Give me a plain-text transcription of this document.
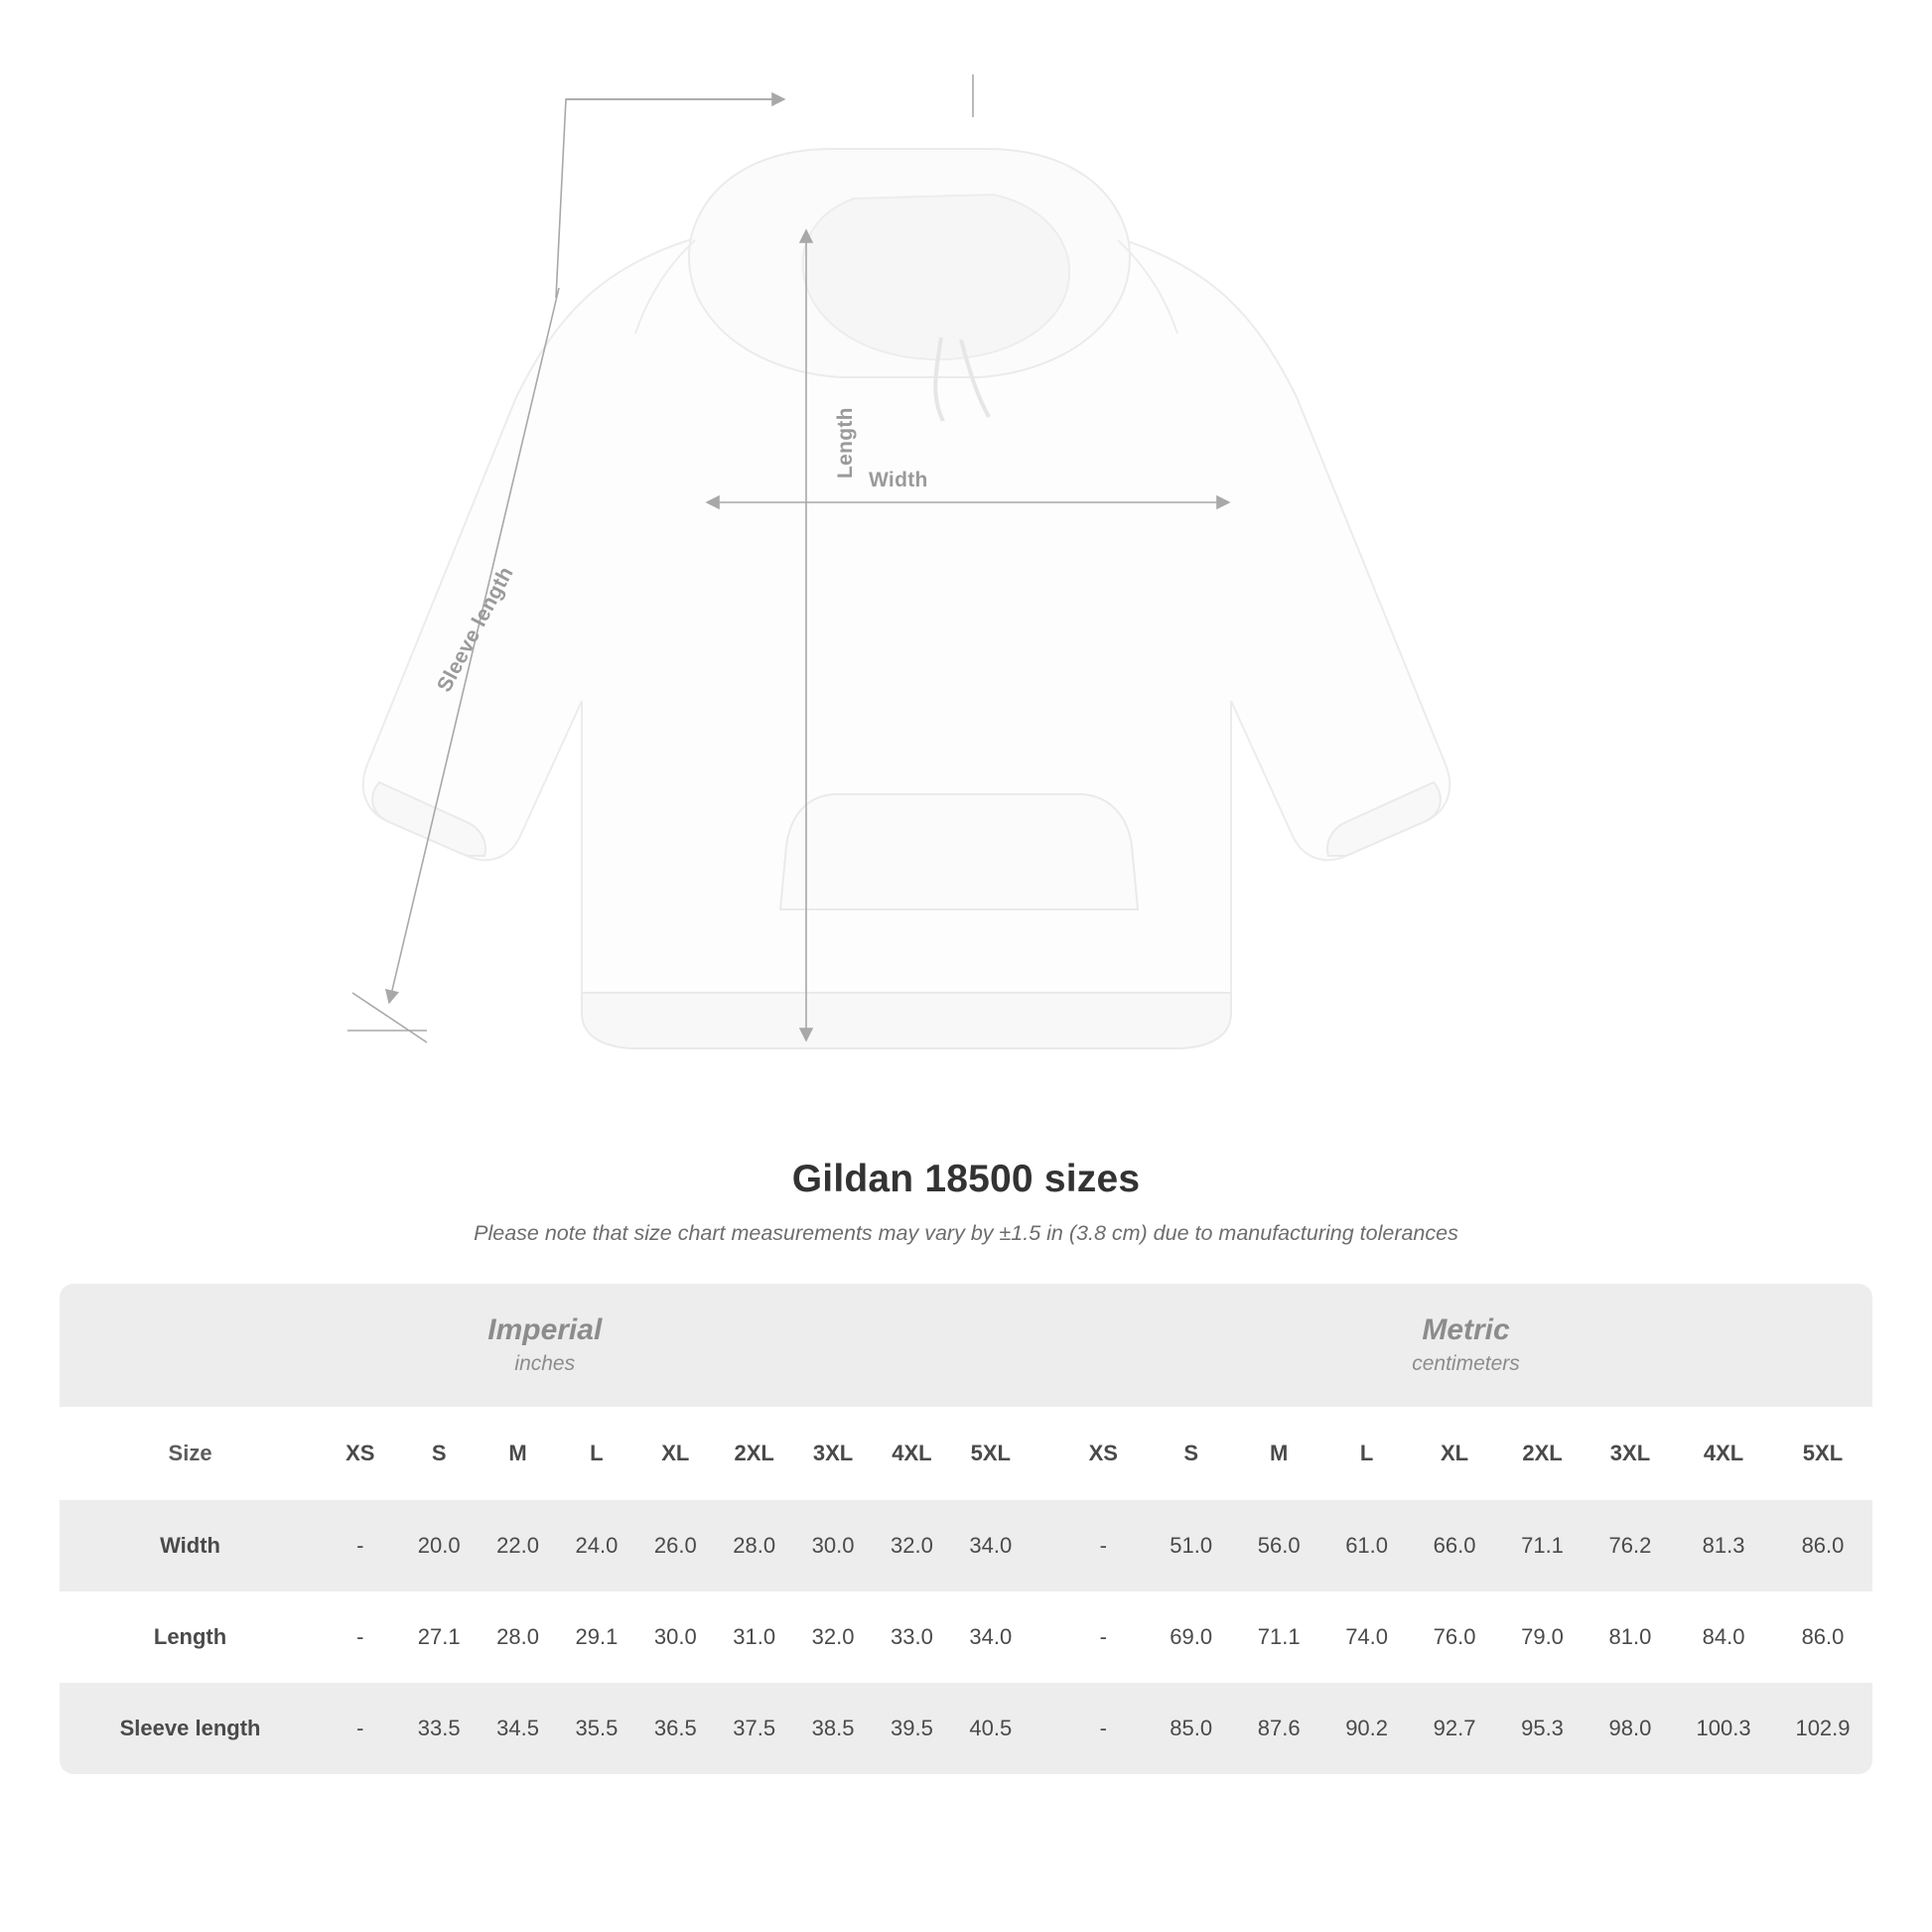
Length
Width
Sleeve length
Gildan 18500 sizes
Please note that size chart measurements may vary by ±1.5 in (3.8 cm) due to manufacturing tolerances
Imperial
inches

Metric
centimeters

Size	XS	S	M	L	XL	2XL	3XL	4XL	5XL		XS	S	M	L	XL	2XL	3XL	4XL	5XL
Width	-	20.0	22.0	24.0	26.0	28.0	30.0	32.0	34.0		-	51.0	56.0	61.0	66.0	71.1	76.2	81.3	86.0
Length	-	27.1	28.0	29.1	30.0	31.0	32.0	33.0	34.0		-	69.0	71.1	74.0	76.0	79.0	81.0	84.0	86.0
Sleeve length	-	33.5	34.5	35.5	36.5	37.5	38.5	39.5	40.5		-	85.0	87.6	90.2	92.7	95.3	98.0	100.3	102.9
